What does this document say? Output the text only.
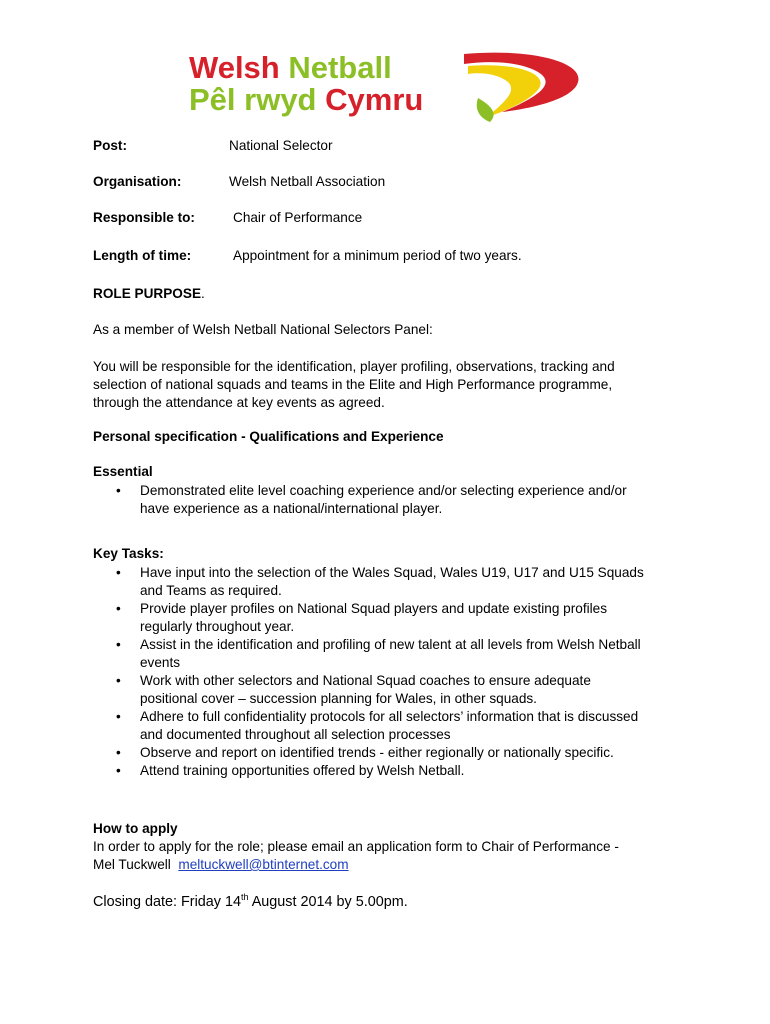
Welsh Netball
Pêl rwyd Cymru
Post:	National Selector
Organisation:	Welsh Netball Association
Responsible to:	Chair of Performance
Length of time:	Appointment for a minimum period of two years.
ROLE PURPOSE.
As a member of Welsh Netball National Selectors Panel:
You will be responsible for the identification, player profiling, observations, tracking and
selection of national squads and teams in the Elite and High Performance programme,
through the attendance at key events as agreed.
Personal specification - Qualifications and Experience
Essential
• Demonstrated elite level coaching experience and/or selecting experience and/or
have experience as a national/international player.
Key Tasks:
• Have input into the selection of the Wales Squad, Wales U19, U17 and U15 Squads
and Teams as required.
• Provide player profiles on National Squad players and update existing profiles
regularly throughout year.
• Assist in the identification and profiling of new talent at all levels from Welsh Netball
events
• Work with other selectors and National Squad coaches to ensure adequate
positional cover – succession planning for Wales, in other squads.
• Adhere to full confidentiality protocols for all selectors’ information that is discussed
and documented throughout all selection processes
• Observe and report on identified trends - either regionally or nationally specific.
• Attend training opportunities offered by Welsh Netball.
How to apply
In order to apply for the role; please email an application form to Chair of Performance -
Mel Tuckwell meltuckwell@btinternet.com
Closing date: Friday 14th August 2014 by 5.00pm.
